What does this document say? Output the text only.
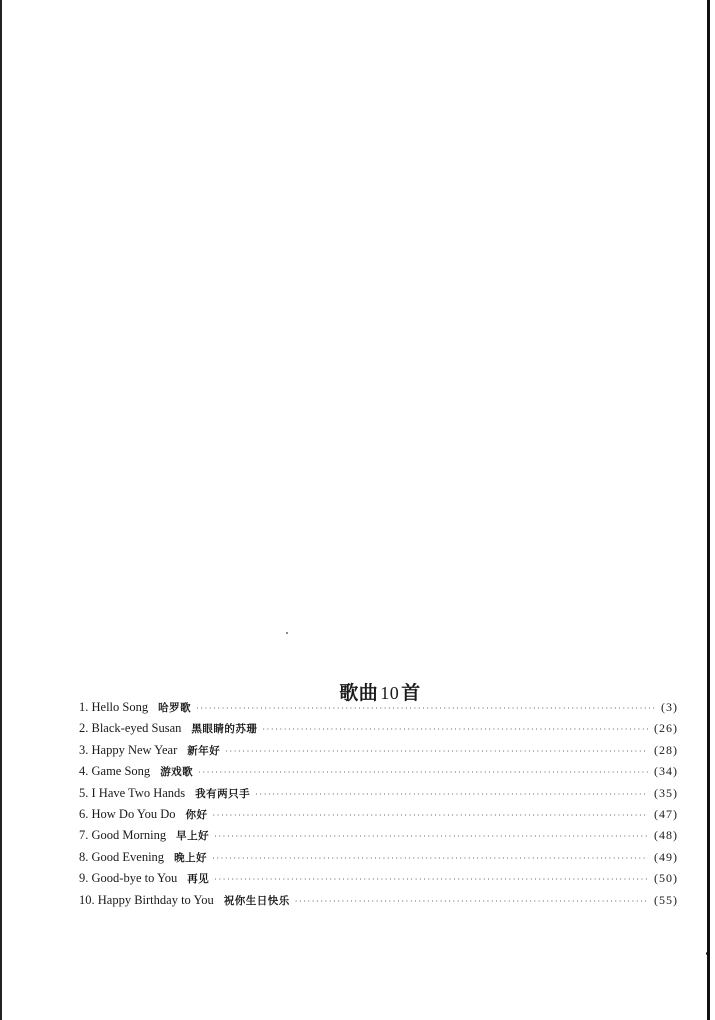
歌曲 10 首
1. Hello Song 哈罗歌 ·····	(3)
2. Black-eyed Susan 黑眼睛的苏珊 ·····	(26)
3. Happy New Year 新年好 ·····	(28)
4. Game Song 游戏歌 ·····	(34)
5. I Have Two Hands 我有两只手 ·····	(35)
6. How Do You Do 你好 ·····	(47)
7. Good Morning 早上好 ·····	(48)
8. Good Evening 晚上好 ·····	(49)
9. Good-bye to You 再见 ·····	(50)
10. Happy Birthday to You 祝你生日快乐 ·····	(55)
